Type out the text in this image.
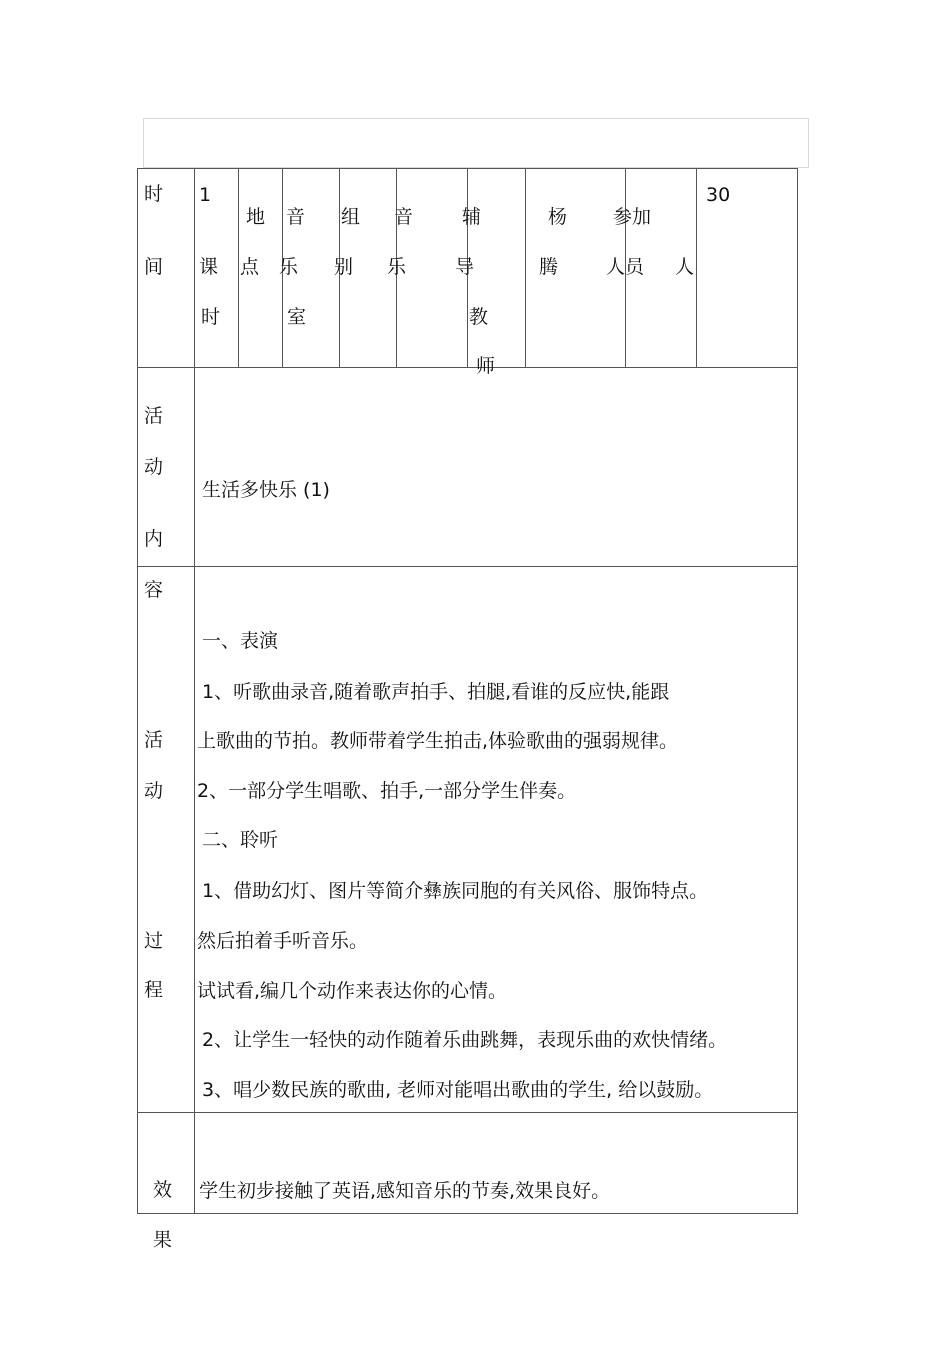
时
间
1
课
时
地
点
音
乐
室
组
别
音
乐
辅
导
教
师
杨
腾
参加
人员 人
30
活
动
内
容
生活多快乐 (1)
活
动
过
程
一、表演
1、听歌曲录音,随着歌声拍手、拍腿,看谁的反应快,能跟
上歌曲的节拍。教师带着学生拍击,体验歌曲的强弱规律。
2、一部分学生唱歌、拍手,一部分学生伴奏。
二、聆听
1、借助幻灯、图片等简介彝族同胞的有关风俗、服饰特点。
然后拍着手听音乐。
试试看,编几个动作来表达你的心情。
2、让学生一轻快的动作随着乐曲跳舞，表现乐曲的欢快情绪。
3、唱少数民族的歌曲, 老师对能唱出歌曲的学生, 给以鼓励。
效
果
学生初步接触了英语,感知音乐的节奏,效果良好。
